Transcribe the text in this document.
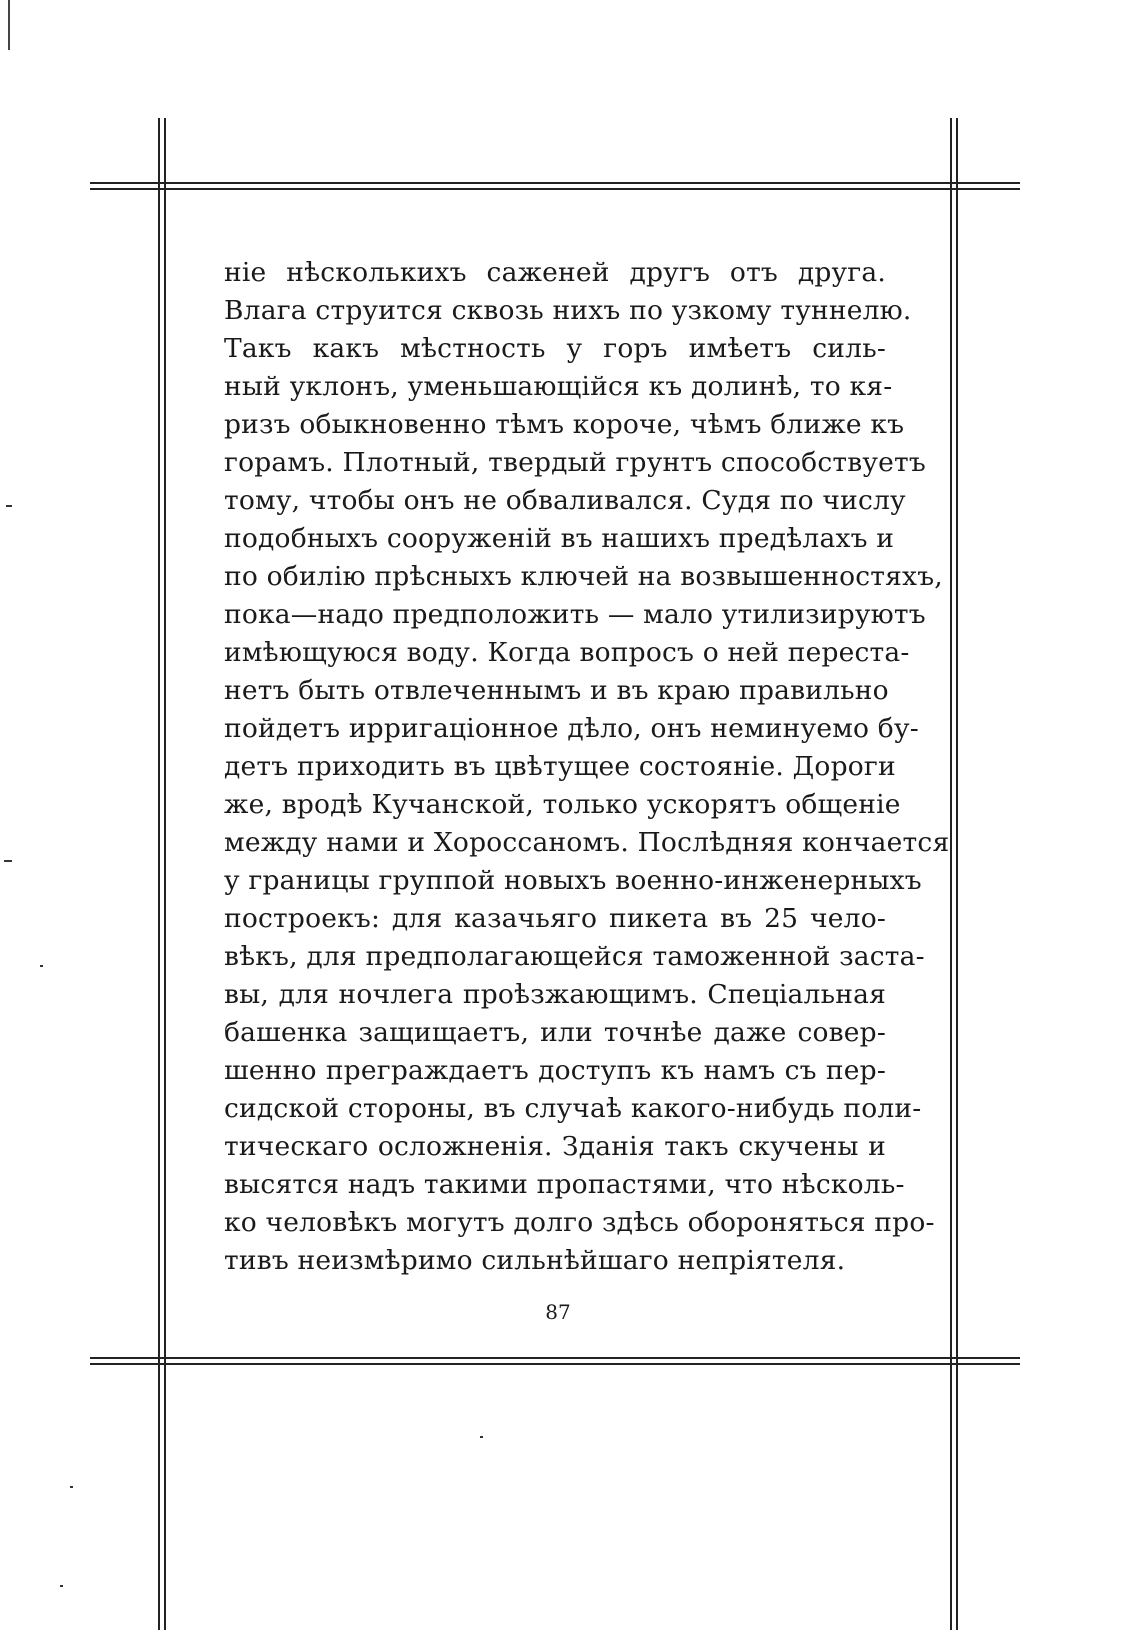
ніе нѣсколькихъ саженей другъ отъ друга.
Влага струится сквозь нихъ по узкому туннелю.
Такъ какъ мѣстность у горъ имѣетъ силь-
ный уклонъ, уменьшающійся къ долинѣ, то кя-
ризъ обыкновенно тѣмъ короче, чѣмъ ближе къ
горамъ. Плотный, твердый грунтъ способствуетъ
тому, чтобы онъ не обваливался. Судя по числу
подобныхъ сооруженій въ нашихъ предѣлахъ и
по обилію прѣсныхъ ключей на возвышенностяхъ,
пока—надо предположить — мало утилизируютъ
имѣющуюся воду. Когда вопросъ о ней переста-
нетъ быть отвлеченнымъ и въ краю правильно
пойдетъ ирригаціонное дѣло, онъ неминуемо бу-
детъ приходить въ цвѣтущее состояніе. Дороги
же, вродѣ Кучанской, только ускорятъ общеніе
между нами и Хороссаномъ. Послѣдняя кончается
у границы группой новыхъ военно-инженерныхъ
построекъ: для казачьяго пикета въ 25 чело-
вѣкъ, для предполагающейся таможенной заста-
вы, для ночлега проѣзжающимъ. Спеціальная
башенка защищаетъ, или точнѣе даже совер-
шенно преграждаетъ доступъ къ намъ съ пер-
сидской стороны, въ случаѣ какого-нибудь поли-
тическаго осложненія. Зданія такъ скучены и
высятся надъ такими пропастями, что нѣсколь-
ко человѣкъ могутъ долго здѣсь обороняться про-
тивъ неизмѣримо сильнѣйшаго непріятеля.
87
